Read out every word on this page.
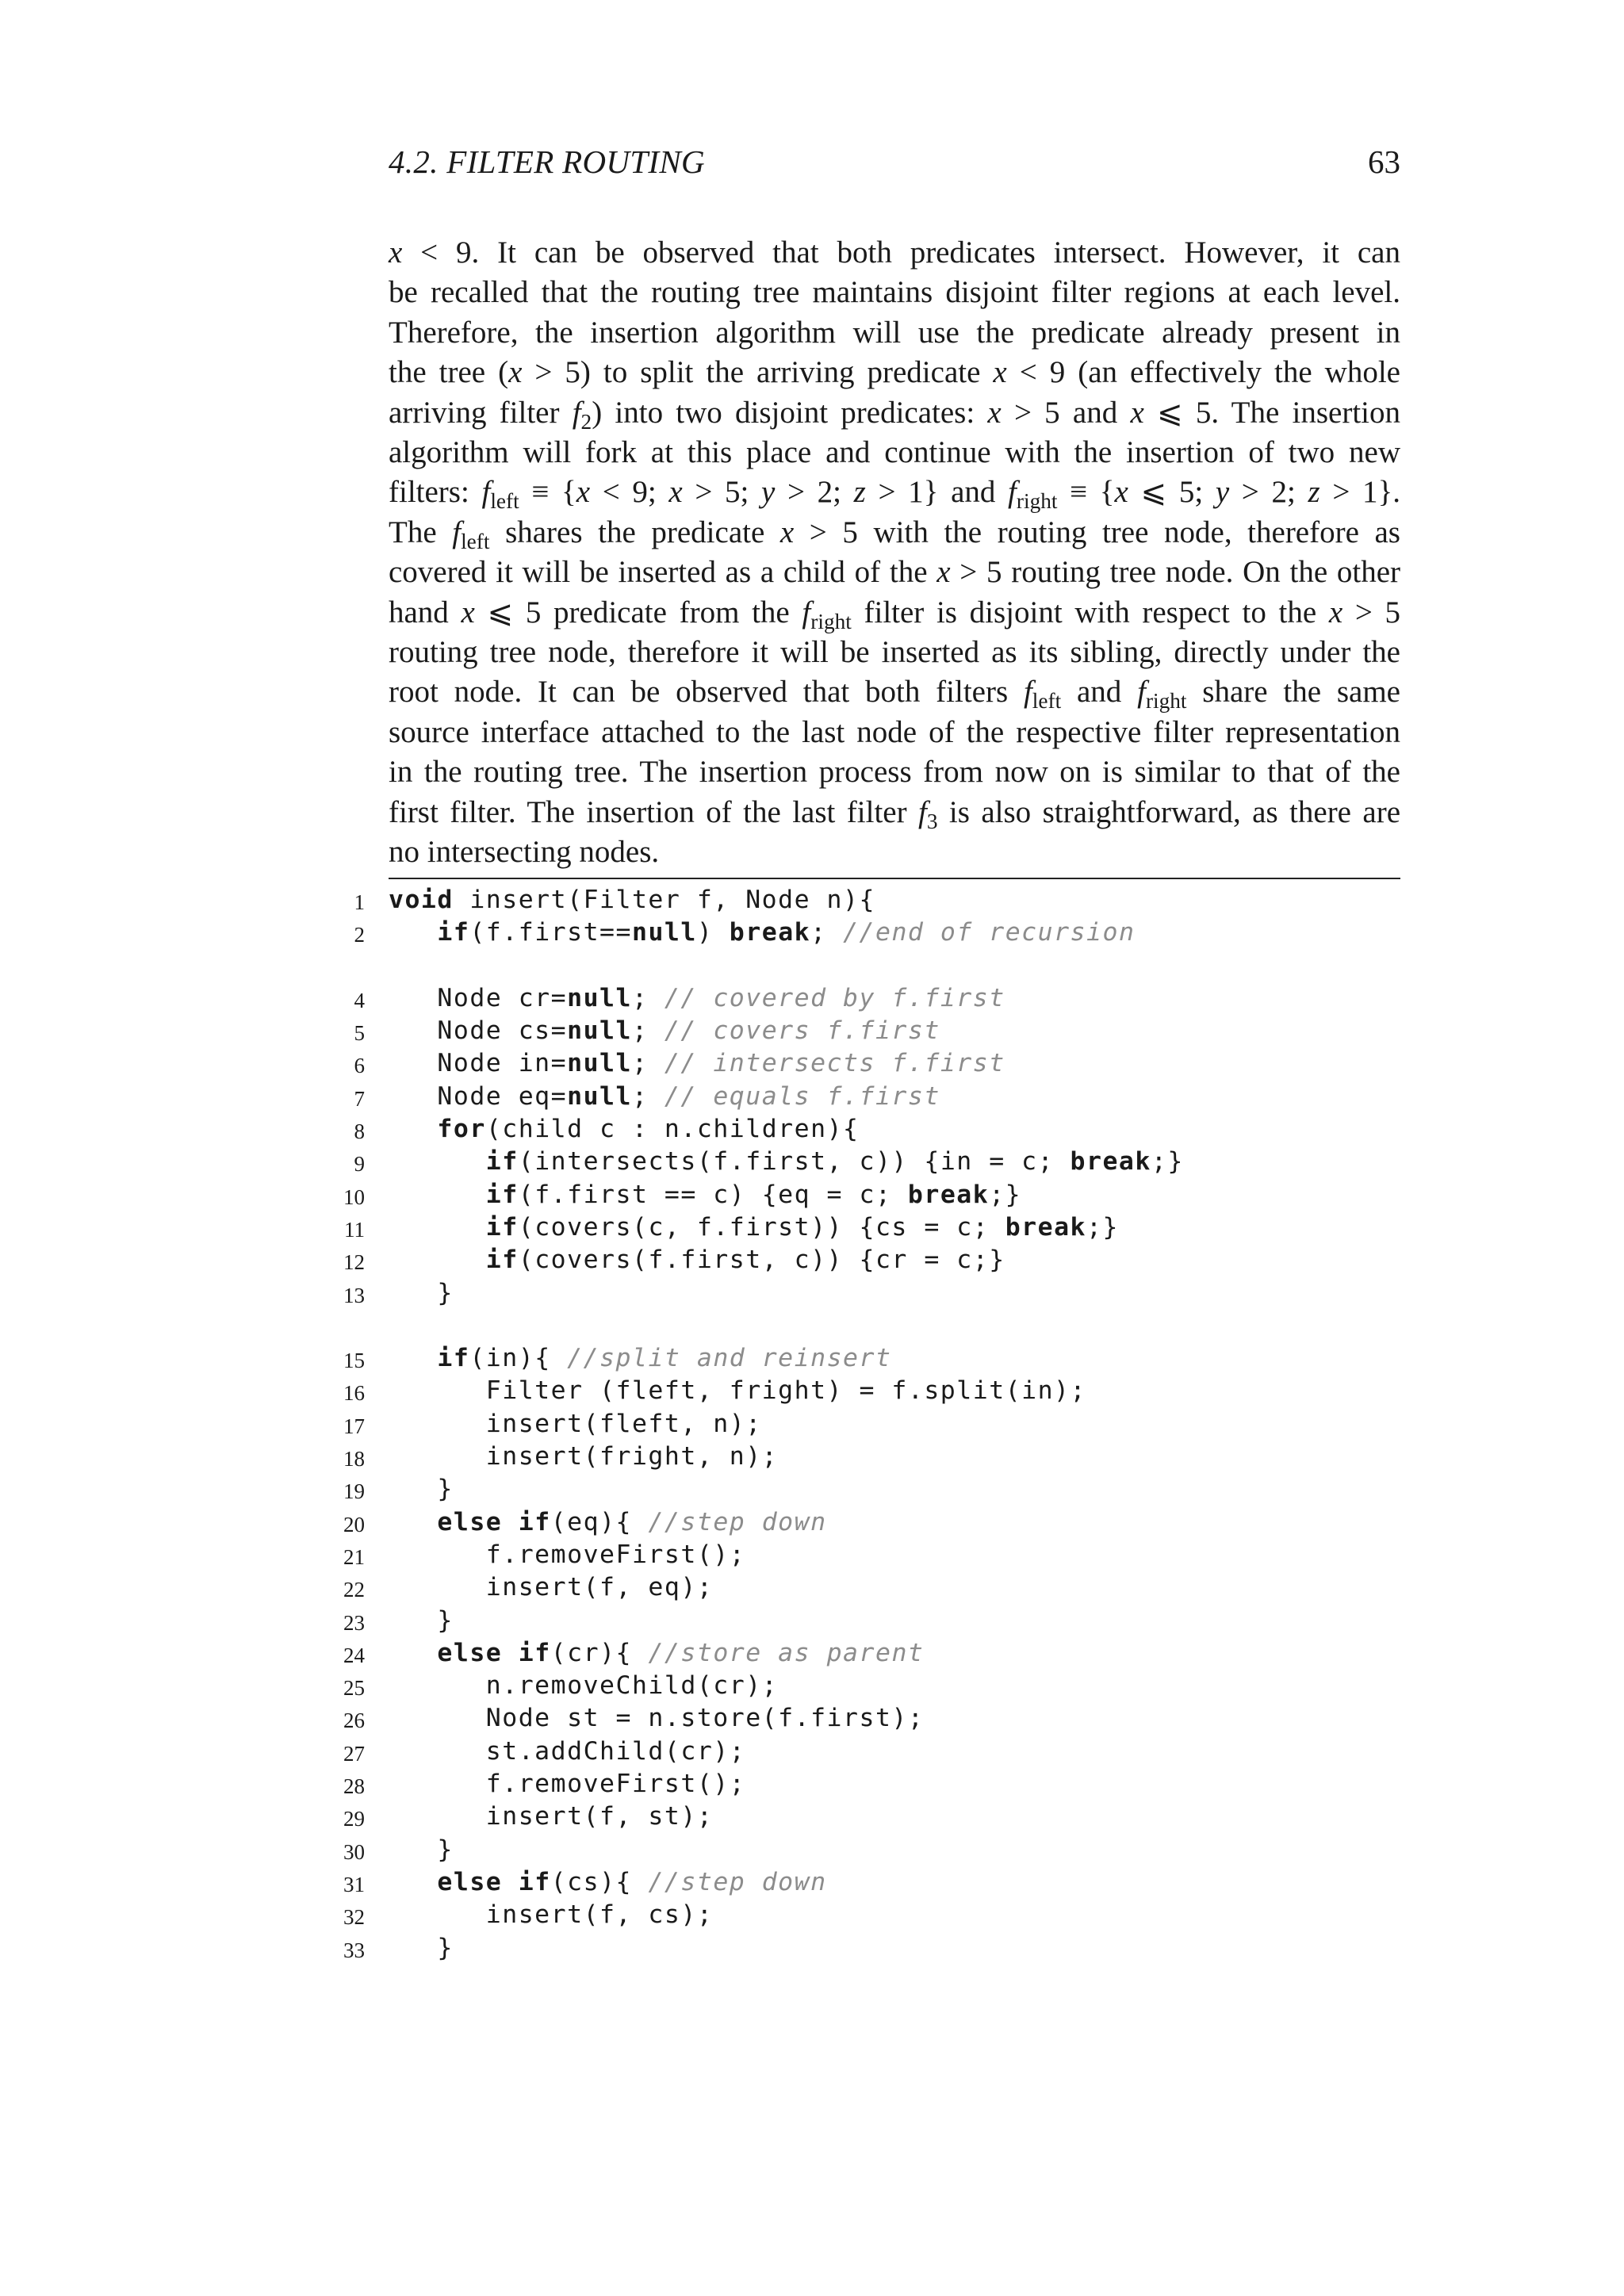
4.2. FILTER ROUTING	63
x < 9. It can be observed that both predicates intersect. However, it can
be recalled that the routing tree maintains disjoint filter regions at each level.
Therefore, the insertion algorithm will use the predicate already present in
the tree (x > 5) to split the arriving predicate x < 9 (an effectively the whole
arriving filter $f_2$) into two disjoint predicates: x > 5 and x ⩽ 5. The insertion
algorithm will fork at this place and continue with the insertion of two new
filters: $f_{left} \equiv \{x < 9$; x > 5; y > 2; z > 1} and $f_{right} \equiv \{x$ ⩽ 5; y > 2; z > 1}.
The $f_{left}$ shares the predicate x > 5 with the routing tree node, therefore as
covered it will be inserted as a child of the x > 5 routing tree node. On the other
hand x ⩽ 5 predicate from the $f_{right}$ filter is disjoint with respect to the x > 5
routing tree node, therefore it will be inserted as its sibling, directly under the
root node. It can be observed that both filters $f_{left}$ and $f_{right}$ share the same
source interface attached to the last node of the respective filter representation
in the routing tree. The insertion process from now on is similar to that of the
first filter. The insertion of the last filter $f_3$ is also straightforward, as there are
no intersecting nodes.
1 void insert(Filter f, Node n){
2	if(f.first==null) break; //end of recursion
4 Node cr=null; // covered by f.first
5 Node cs=null; // covers f.first
6 Node in=null; // intersects f.first
7 Node eq=null; // equals f.first
8	for(child c : n.children){
9	if(intersects(f.first, c)) {in = c; break;}
10	if(f.first == c) {eq = c; break;}
11	if(covers(c, f.first)) {cs = c; break;}
12	if(covers(f.first, c)) {cr = c;}
13 }
15	if(in){ //split and reinsert
16 Filter (fleft, fright) = f.split(in);
17 insert(fleft, n);
18 insert(fright, n);
19 }
20	else if(eq){ //step down
21 f.removeFirst();
22 insert(f, eq);
23 }
24	else if(cr){ //store as parent
25 n.removeChild(cr);
26 Node st = n.store(f.first);
27 st.addChild(cr);
28 f.removeFirst();
29 insert(f, st);
30 }
31	else if(cs){ //step down
32 insert(f, cs);
33 }
